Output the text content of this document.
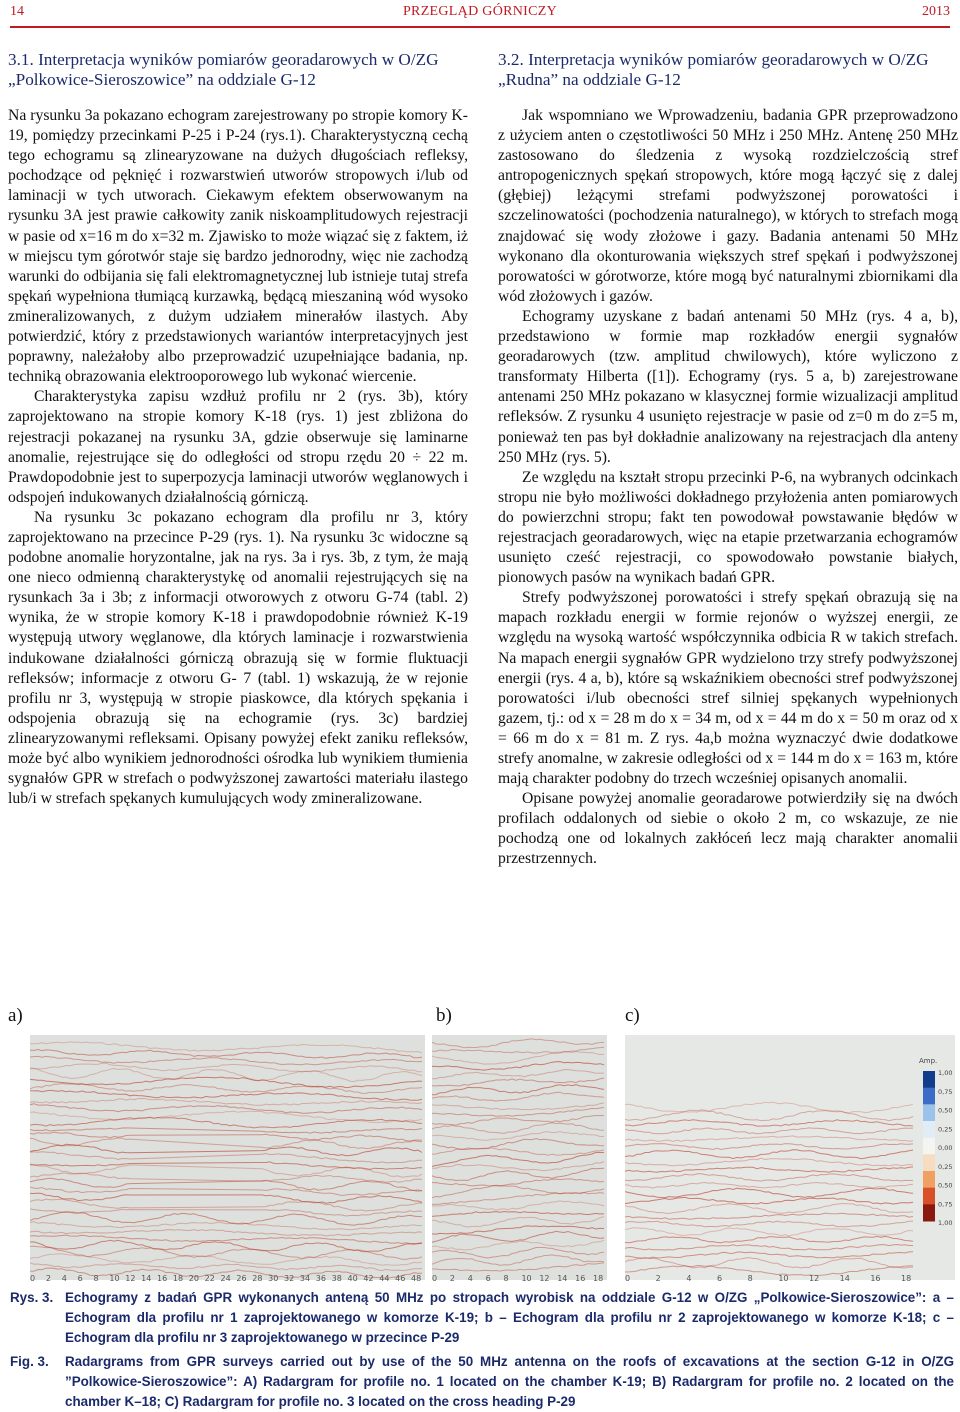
14	PRZEGLĄD GÓRNICZY	2013
3.1. Interpretacja wyników pomiarów georadarowych w O/ZG „Polkowice-Sieroszowice” na oddziale G-12

Na rysunku 3a pokazano echogram zarejestrowany po stropie komory K-19, pomiędzy przecinkami P-25 i P-24 (rys.1). Charakterystyczną cechą tego echogramu są zlinearyzowane na dużych długościach refleksy, pochodzące od pęknięć i rozwarstwień utworów stropowych i/lub od laminacji w tych utworach. Ciekawym efektem obserwowanym na rysunku 3A jest prawie całkowity zanik niskoamplitudowych rejestracji w pasie od x=16 m do x=32 m. Zjawisko to może wiązać się z faktem, iż w miejscu tym górotwór staje się bardzo jednorodny, więc nie zachodzą warunki do odbijania się fali elektromagnetycznej lub istnieje tutaj strefa spękań wypełniona tłumiącą kurzawką, będącą mieszaniną wód wysoko zmineralizowanych, z dużym udziałem minerałów ilastych. Aby potwierdzić, który z przedstawionych wariantów interpretacyjnych jest poprawny, należałoby albo przeprowadzić uzupełniające badania, np. techniką obrazowania elektrooporowego lub wykonać wiercenie.

Charakterystyka zapisu wzdłuż profilu nr 2 (rys. 3b), który zaprojektowano na stropie komory K-18 (rys. 1) jest zbliżona do rejestracji pokazanej na rysunku 3A, gdzie obserwuje się laminarne anomalie, rejestrujące się do odległości od stropu rzędu 20 ÷ 22 m. Prawdopodobnie jest to superpozycja laminacji utworów węglanowych i odspojeń indukowanych działalnością górniczą.

Na rysunku 3c pokazano echogram dla profilu nr 3, który zaprojektowano na przecince P-29 (rys. 1). Na rysunku 3c widoczne są podobne anomalie horyzontalne, jak na rys. 3a i rys. 3b, z tym, że mają one nieco odmienną charakterystykę od anomalii rejestrujących się na rysunkach 3a i 3b; z informacji otworowych z otworu G-74 (tabl. 2) wynika, że w stropie komory K-18 i prawdopodobnie również K-19 występują utwory węglanowe, dla których laminacje i rozwarstwienia indukowane działalności górniczą obrazują się w formie fluktuacji refleksów; informacje z otworu G- 7 (tabl. 1) wskazują, że w rejonie profilu nr 3, występują w stropie piaskowce, dla których spękania i odspojenia obrazują się na echogramie (rys. 3c) bardziej zlinearyzowanymi refleksami. Opisany powyżej efekt zaniku refleksów, może być albo wynikiem jednorodności ośrodka lub wynikiem tłumienia sygnałów GPR w strefach o podwyższonej zawartości materiału ilastego lub/i w strefach spękanych kumulujących wody zmineralizowane.

3.2. Interpretacja wyników pomiarów georadarowych w O/ZG „Rudna” na oddziale G-12

Jak wspomniano we Wprowadzeniu, badania GPR przeprowadzono z użyciem anten o częstotliwości 50 MHz i 250 MHz. Antenę 250 MHz zastosowano do śledzenia z wysoką rozdzielczością stref antropogenicznych spękań stropowych, które mogą łączyć się z dalej (głębiej) leżącymi strefami podwyższonej porowatości i szczelinowatości (pochodzenia naturalnego), w których to strefach mogą znajdować się wody złożowe i gazy. Badania antenami 50 MHz wykonano dla okonturowania większych stref spękań i podwyższonej porowatości w górotworze, które mogą być naturalnymi zbiornikami dla wód złożowych i gazów.

Echogramy uzyskane z badań antenami 50 MHz (rys. 4 a, b), przedstawiono w formie map rozkładów energii sygnałów georadarowych (tzw. amplitud chwilowych), które wyliczono z transformaty Hilberta ([1]). Echogramy (rys. 5 a, b) zarejestrowane antenami 250 MHz pokazano w klasycznej formie wizualizacji amplitud refleksów. Z rysunku 4 usunięto rejestracje w pasie od z=0 m do z=5 m, ponieważ ten pas był dokładnie analizowany na rejestracjach dla anteny 250 MHz (rys. 5).

Ze względu na kształt stropu przecinki P-6, na wybranych odcinkach stropu nie było możliwości dokładnego przyłożenia anten pomiarowych do powierzchni stropu; fakt ten powodował powstawanie błędów w rejestracjach georadarowych, więc na etapie przetwarzania echogramów usunięto cześć rejestracji, co spowodowało powstanie białych, pionowych pasów na wynikach badań GPR.

Strefy podwyższonej porowatości i strefy spękań obrazują się na mapach rozkładu energii w formie rejonów o wyższej energii, ze względu na wysoką wartość współczynnika odbicia R w takich strefach. Na mapach energii sygnałów GPR wydzielono trzy strefy podwyższonej energii (rys. 4 a, b), które są wskaźnikiem obecności stref podwyższonej porowatości i/lub obecności stref silniej spękanych wypełnionych gazem, tj.: od x = 28 m do x = 34 m, od x = 44 m do x = 50 m oraz od x = 66 m do x = 81 m. Z rys. 4a,b można wyznaczyć dwie dodatkowe strefy anomalne, w zakresie odległości od x = 144 m do x = 163 m, które mają charakter podobny do trzech wcześniej opisanych anomalii.

Opisane powyżej anomalie georadarowe potwierdziły się na dwóch profilach oddalonych od siebie o około 2 m, co wskazuje, ze nie pochodzą one od lokalnych zakłóceń lecz mają charakter anomalii przestrzennych.

a)	b)	c)
Amp.
1,00
0,75
0,50
0,25
0,00
0,25
0,50
0,75
1,00
0 2 4 6 8 10 12 14 16 18 20 22 24 26 28 30 32 34 36 38 40 42 44 46 48 0 2 4 6 8 10 12 14 16 18	0	2	4	6	8	10	12	14	16	18
Rys. 3. Echogramy z badań GPR wykonanych anteną 50 MHz po stropach wyrobisk na oddziale G-12 w O/ZG „Polkowice-Sieroszowice”: a – Echogram dla profilu nr 1 zaprojektowanego w komorze K-19; b – Echogram dla profilu nr 2 zaprojektowanego w komorze K-18; c – Echogram dla profilu nr 3 zaprojektowanego w przecince P-29
Fig. 3. Radargrams from GPR surveys carried out by use of the 50 MHz antenna on the roofs of excavations at the section G-12 in O/ZG ”Polkowice-Sieroszowice”: A) Radargram for profile no. 1 located on the chamber K-19; B) Radargram for profile no. 2 located on the chamber K–18; C) Radargram for profile no. 3 located on the cross heading P-29
